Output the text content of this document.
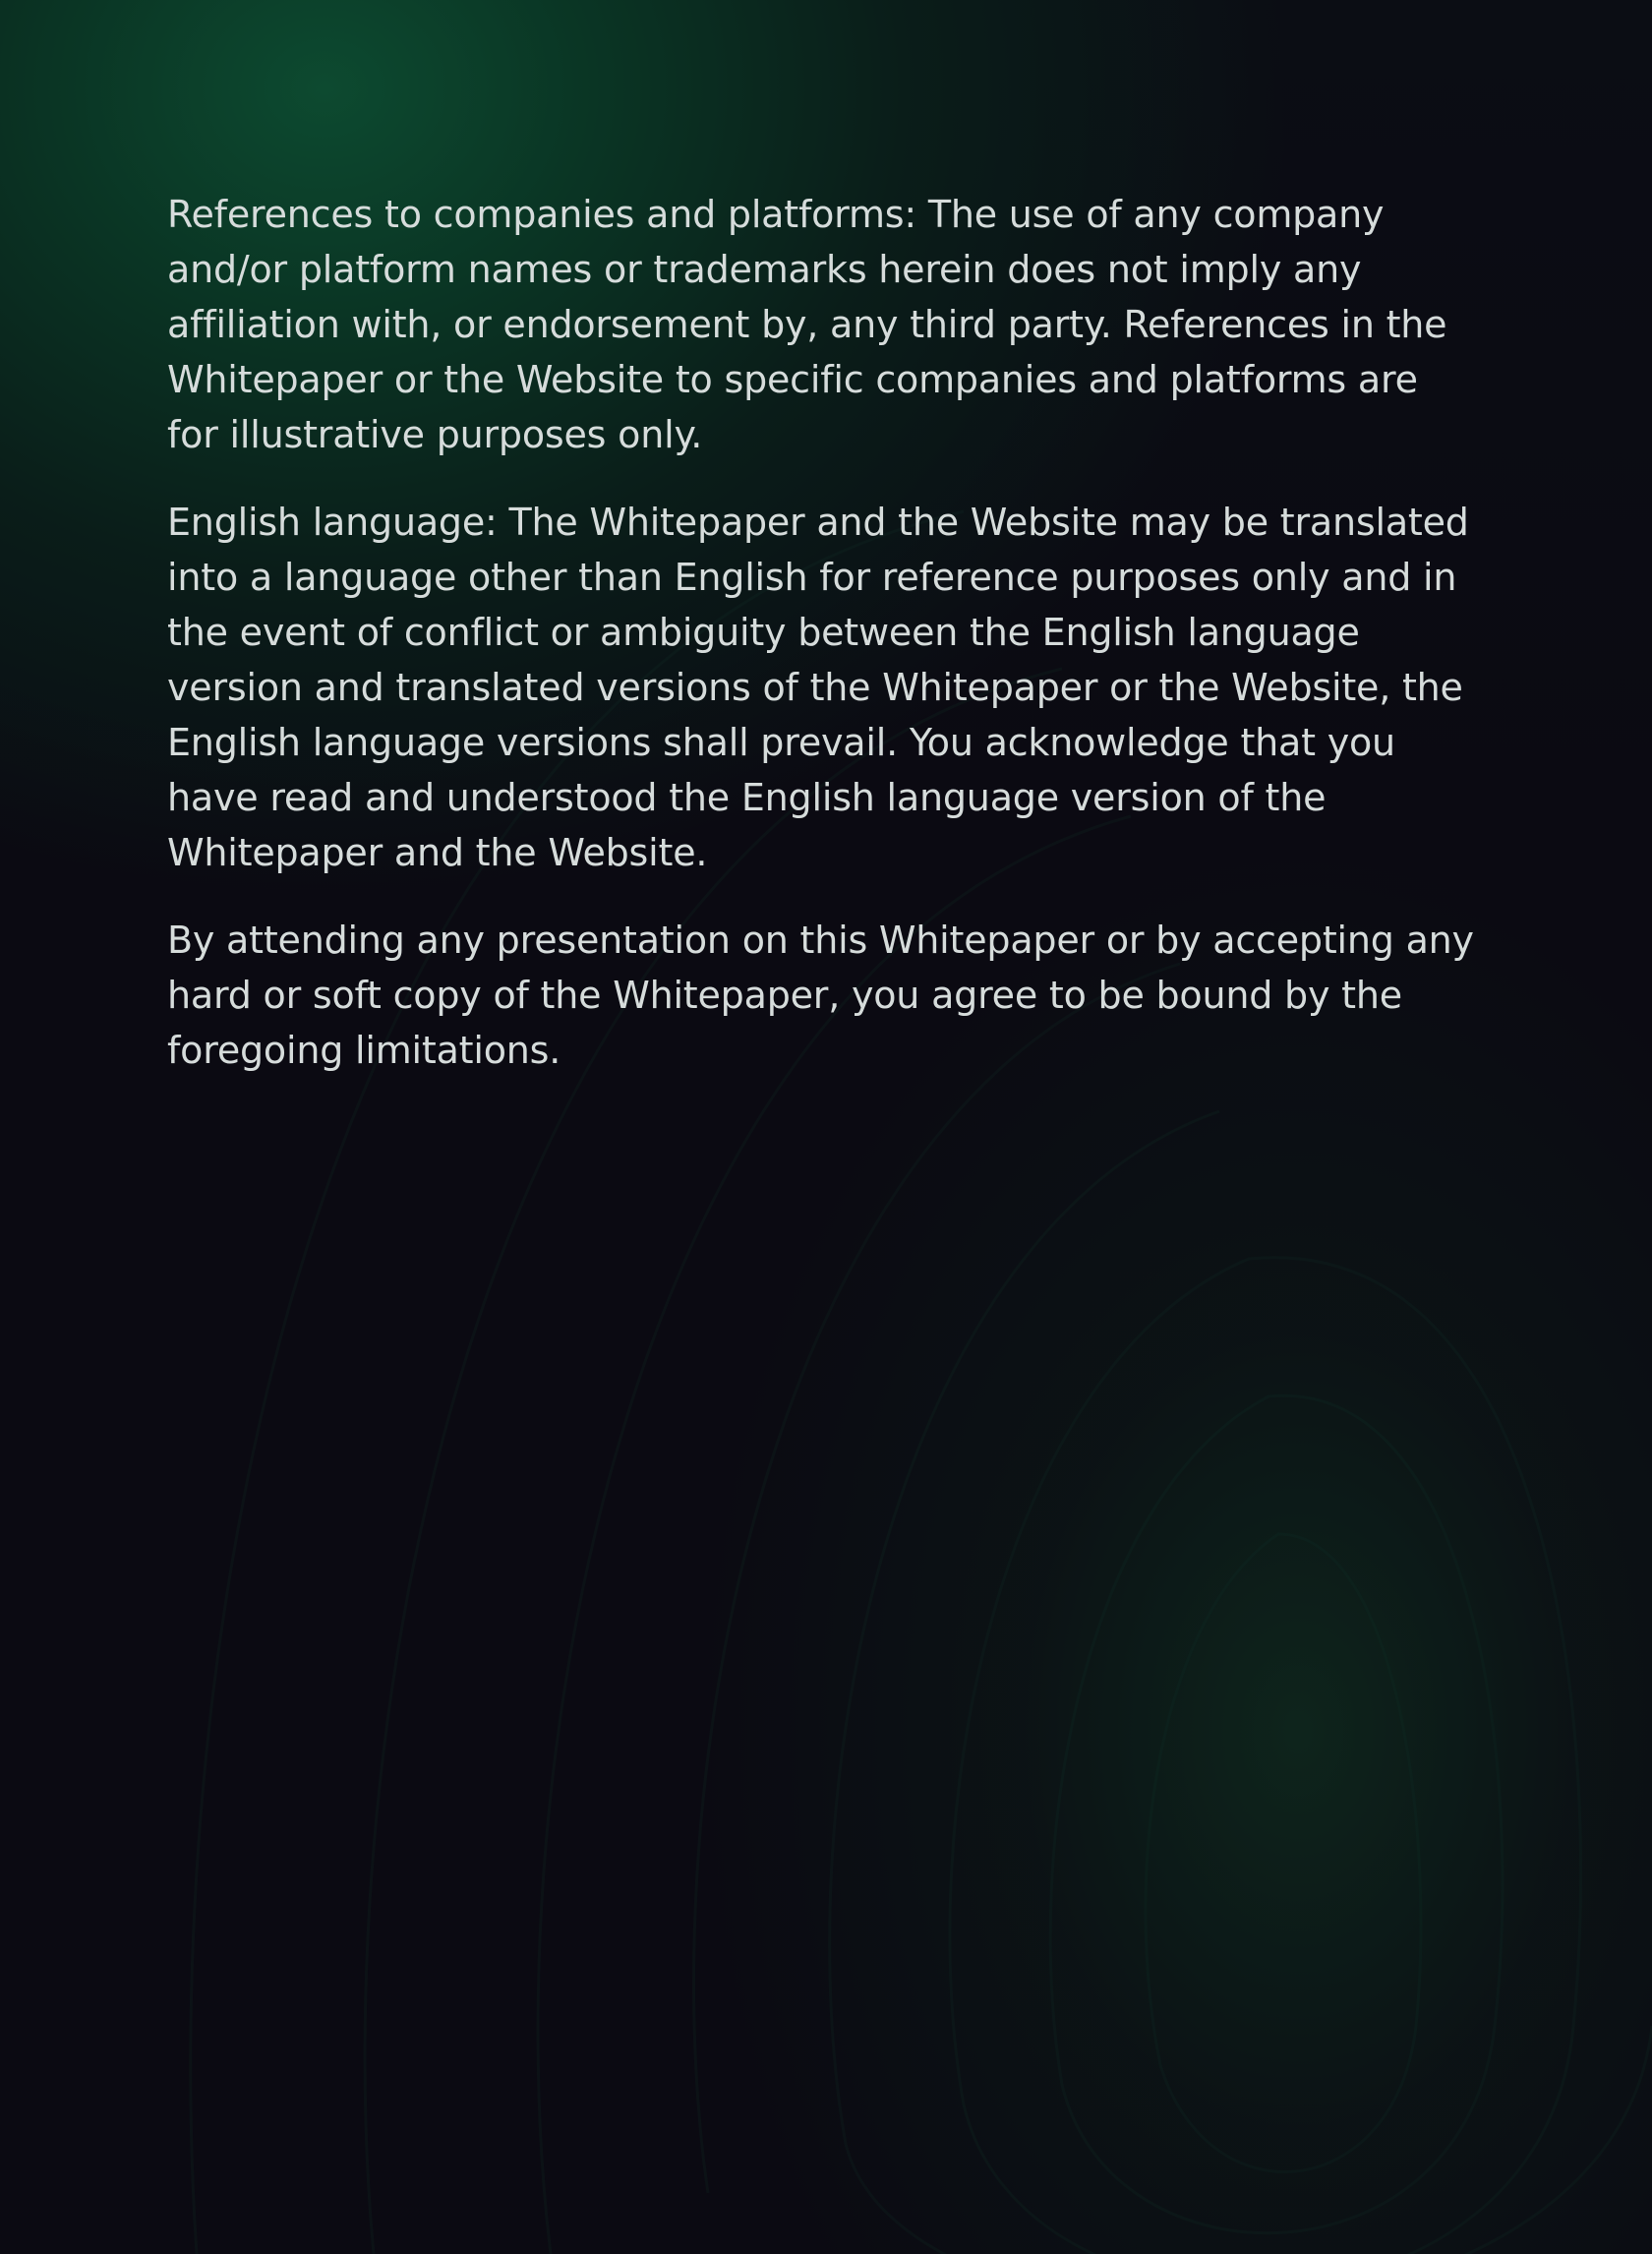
References to companies and platforms: The use of any company
and/or platform names or trademarks herein does not imply any
affiliation with, or endorsement by, any third party. References in the
Whitepaper or the Website to specific companies and platforms are
for illustrative purposes only.

English language: The Whitepaper and the Website may be translated
into a language other than English for reference purposes only and in
the event of conflict or ambiguity between the English language
version and translated versions of the Whitepaper or the Website, the
English language versions shall prevail. You acknowledge that you
have read and understood the English language version of the
Whitepaper and the Website.

By attending any presentation on this Whitepaper or by accepting any
hard or soft copy of the Whitepaper, you agree to be bound by the
foregoing limitations.
